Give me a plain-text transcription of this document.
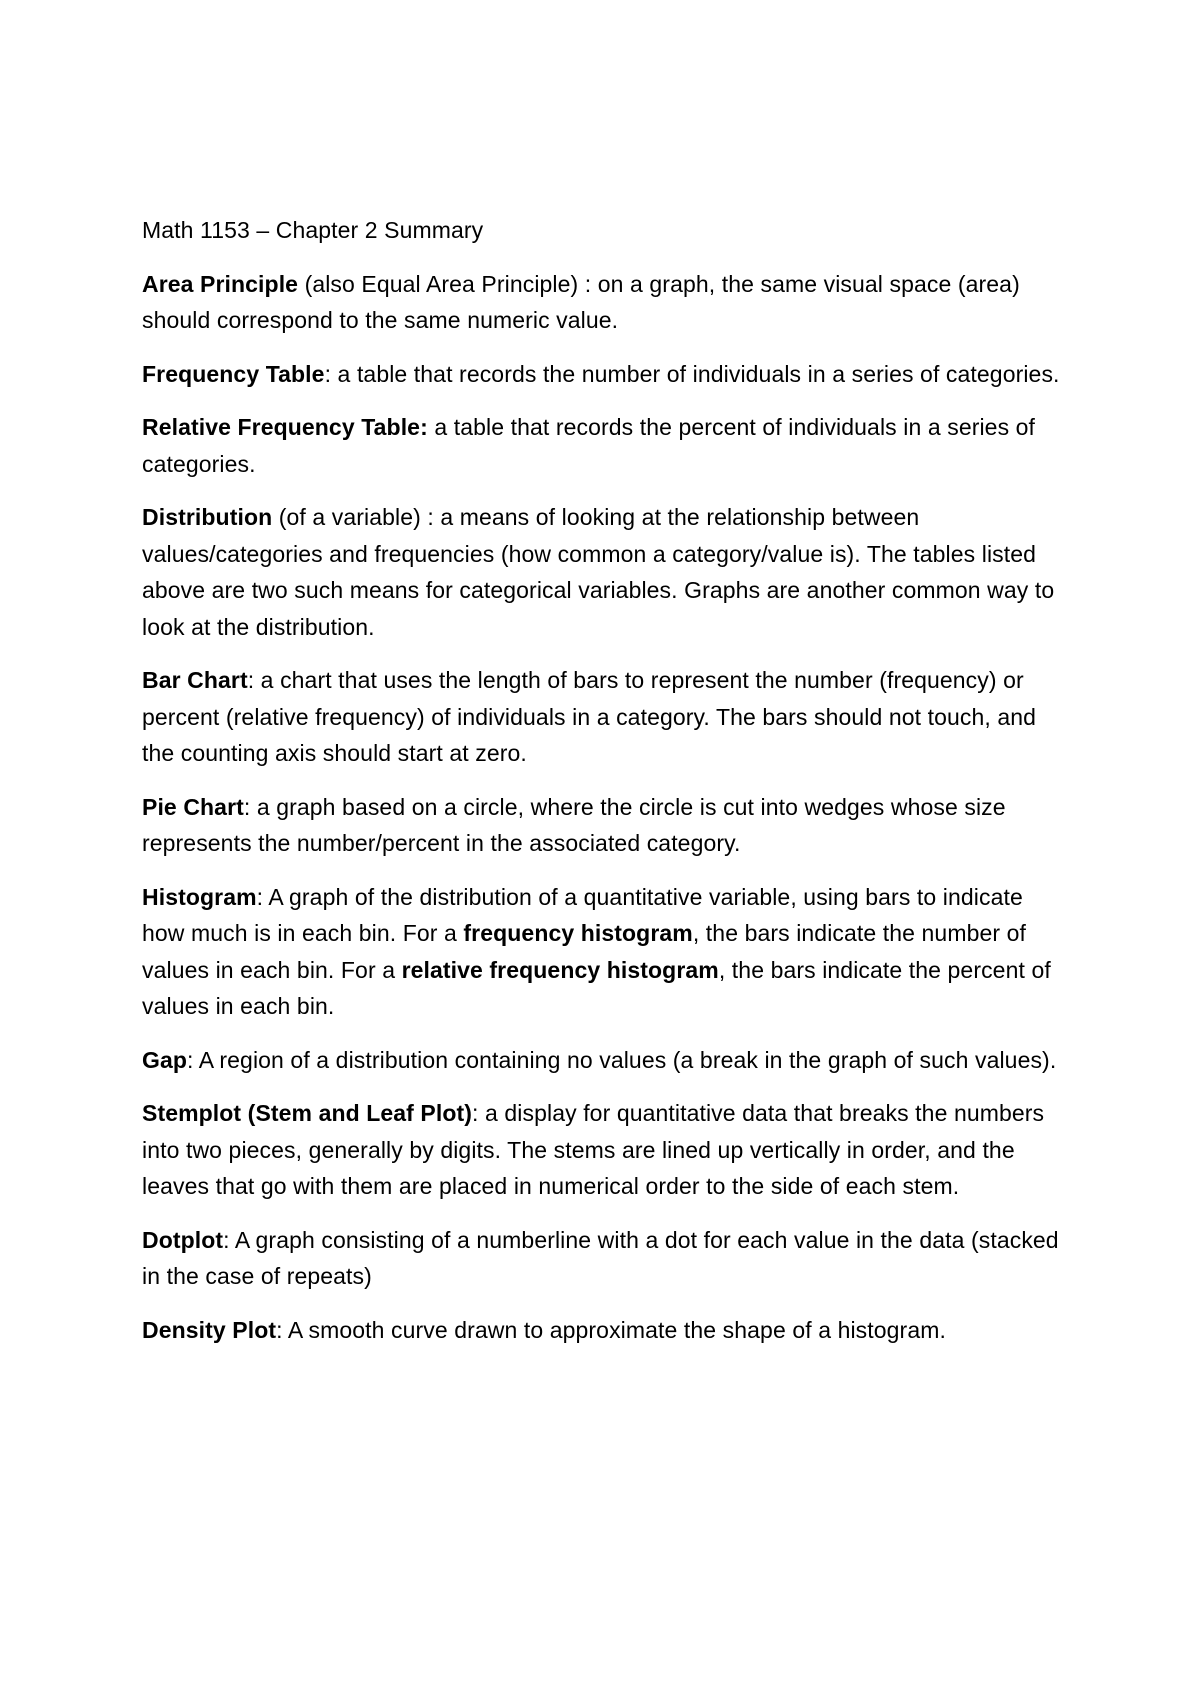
Math 1153 – Chapter 2 Summary

Area Principle (also Equal Area Principle) : on a graph, the same visual space (area) should correspond to the same numeric value.

Frequency Table: a table that records the number of individuals in a series of categories.

Relative Frequency Table: a table that records the percent of individuals in a series of categories.

Distribution (of a variable) : a means of looking at the relationship between values/categories and frequencies (how common a category/value is). The tables listed above are two such means for categorical variables. Graphs are another common way to look at the distribution.

Bar Chart: a chart that uses the length of bars to represent the number (frequency) or percent (relative frequency) of individuals in a category. The bars should not touch, and the counting axis should start at zero.

Pie Chart: a graph based on a circle, where the circle is cut into wedges whose size represents the number/percent in the associated category.

Histogram: A graph of the distribution of a quantitative variable, using bars to indicate how much is in each bin. For a frequency histogram, the bars indicate the number of values in each bin. For a relative frequency histogram, the bars indicate the percent of values in each bin.

Gap: A region of a distribution containing no values (a break in the graph of such values).

Stemplot (Stem and Leaf Plot): a display for quantitative data that breaks the numbers into two pieces, generally by digits. The stems are lined up vertically in order, and the leaves that go with them are placed in numerical order to the side of each stem.

Dotplot: A graph consisting of a numberline with a dot for each value in the data (stacked in the case of repeats)

Density Plot: A smooth curve drawn to approximate the shape of a histogram.
